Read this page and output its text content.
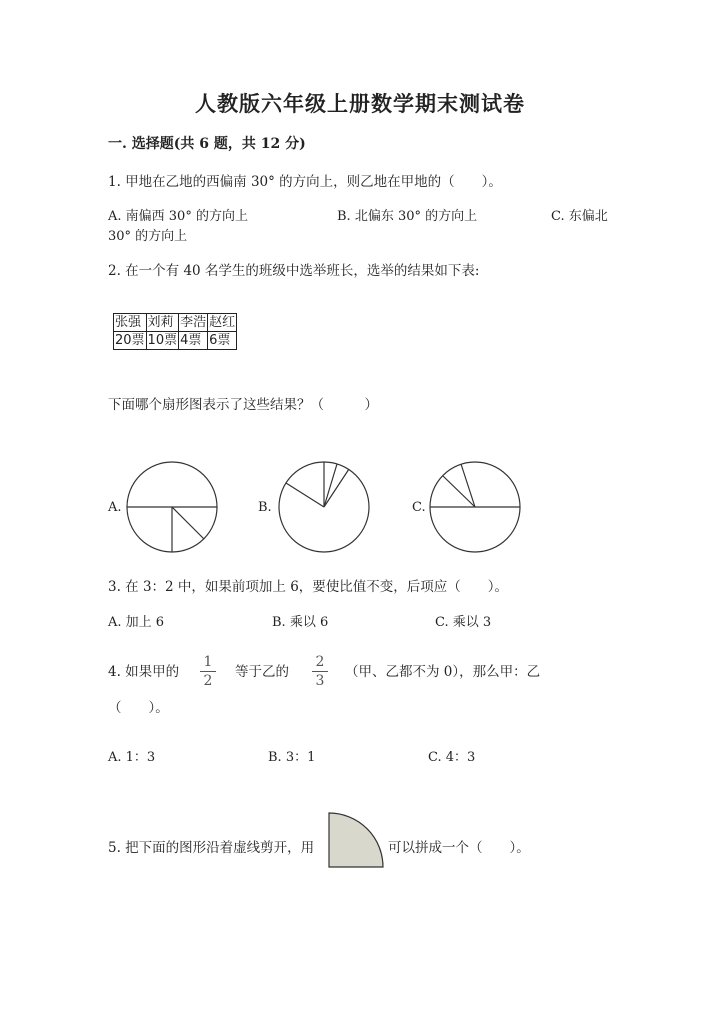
人教版六年级上册数学期末测试卷
一. 选择题(共 6 题，共 12 分)
1. 甲地在乙地的西偏南 30° 的方向上，则乙地在甲地的（　　）。
A. 南偏西 30° 的方向上	B. 北偏东 30° 的方向上	C. 东偏北
30° 的方向上
2. 在一个有 40 名学生的班级中选举班长，选举的结果如下表:
张强	刘莉	李浩	赵红
20票	10票	4票	6票
下面哪个扇形图表示了这些结果？（　　　）
A.	B.	C.
3. 在 3：2 中，如果前项加上 6，要使比值不变，后项应（　　）。
A. 加上 6	B. 乘以 6	C. 乘以 3
4. 如果甲的
1
2
等于乙的
2
3
（甲、乙都不为 0），那么甲：乙
（　　）。
A. 1：3	B. 3：1	C. 4：3
5. 把下面的图形沿着虚线剪开，用	可以拼成一个（　　）。
